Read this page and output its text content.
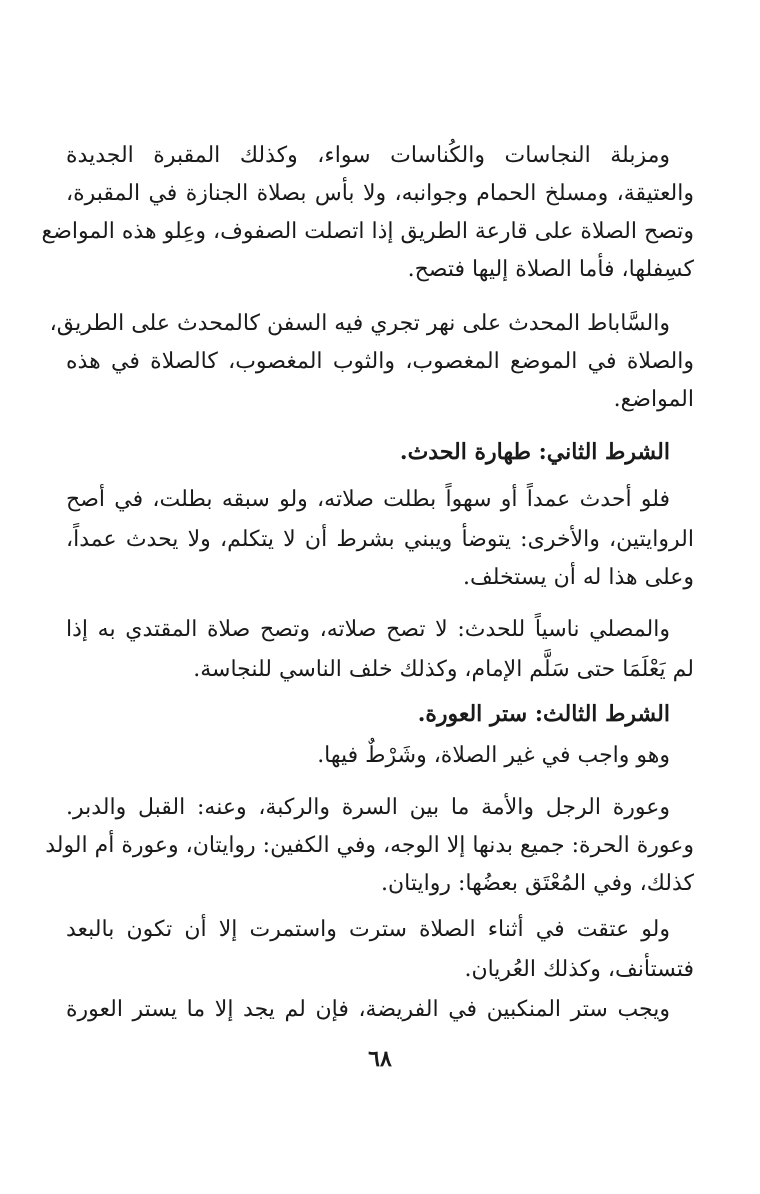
ومزبلة النجاسات والكُناسات سواء، وكذلك المقبرة الجديدة
والعتيقة، ومسلخ الحمام وجوانبه، ولا بأس بصلاة الجنازة في المقبرة،
وتصح الصلاة على قارعة الطريق إذا اتصلت الصفوف، وعِلو هذه المواضع
كسِفلها، فأما الصلاة إليها فتصح.
والسَّاباط المحدث على نهر تجري فيه السفن كالمحدث على الطريق،
والصلاة في الموضع المغصوب، والثوب المغصوب، كالصلاة في هذه
المواضع.
الشرط الثاني: طهارة الحدث.
فلو أحدث عمداً أو سهواً بطلت صلاته، ولو سبقه بطلت، في أصح
الروايتين، والأخرى: يتوضأ ويبني بشرط أن لا يتكلم، ولا يحدث عمداً،
وعلى هذا له أن يستخلف.
والمصلي ناسياً للحدث: لا تصح صلاته، وتصح صلاة المقتدي به إذا
لم يَعْلَمَا حتى سَلَّم الإمام، وكذلك خلف الناسي للنجاسة.
الشرط الثالث: ستر العورة.
وهو واجب في غير الصلاة، وشَرْطٌ فيها.
وعورة الرجل والأمة ما بين السرة والركبة، وعنه: القبل والدبر.
وعورة الحرة: جميع بدنها إلا الوجه، وفي الكفين: روايتان، وعورة أم الولد
كذلك، وفي المُعْتَق بعضُها: روايتان.
ولو عتقت في أثناء الصلاة سترت واستمرت إلا أن تكون بالبعد
فتستأنف، وكذلك العُريان.
ويجب ستر المنكبين في الفريضة، فإن لم يجد إلا ما يستر العورة
٦٨
